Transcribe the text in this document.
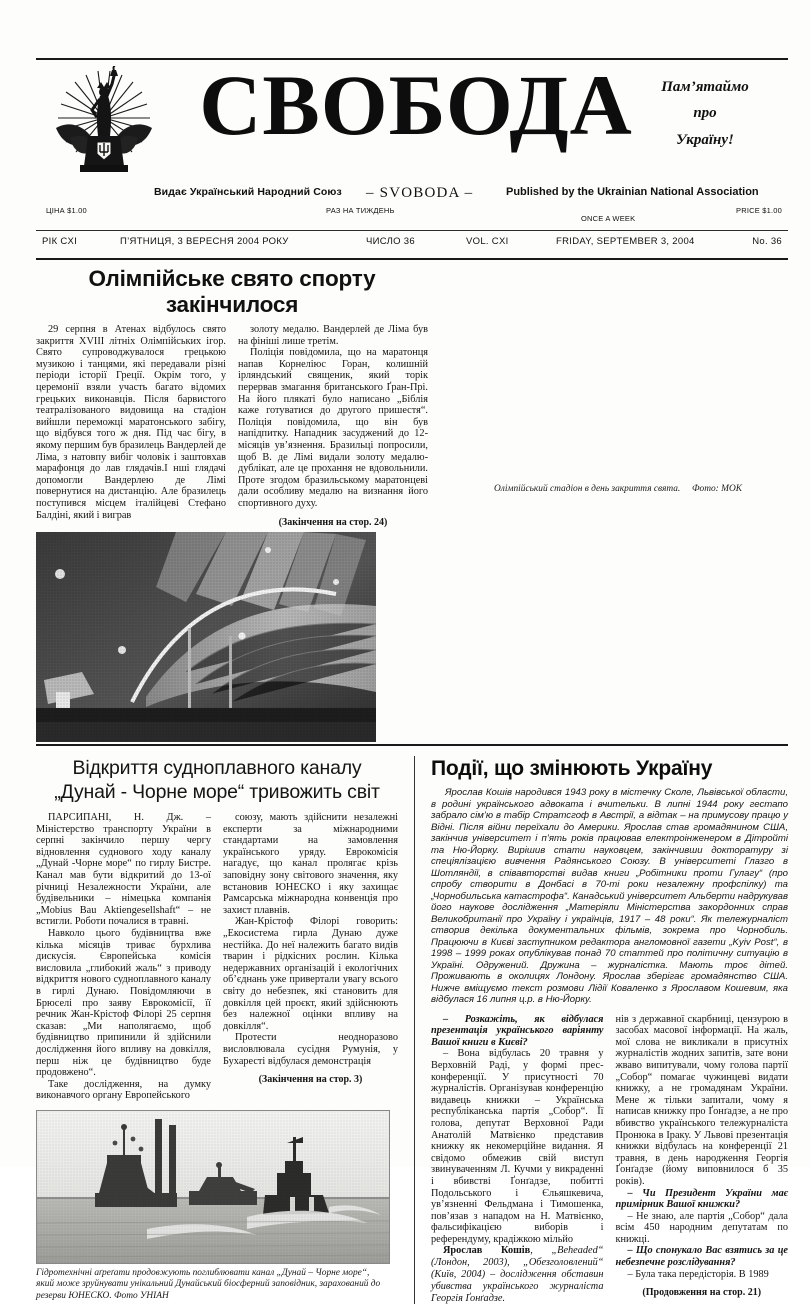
СВОБОДА	Пам’ятаймо
про
Україну!
Видає Український Народний Союз – SVOBODA –	Published by the Ukrainian National Association
ЦІНА $1.00	РАЗ НА ТИЖДЕНЬ
ONCE A WEEK
PRICE $1.00
РІК CXI	П’ЯТНИЦЯ, 3 ВЕРЕСНЯ 2004 РОКУ	ЧИСЛО 36	VOL. CXI	FRIDAY, SEPTEMBER 3, 2004	No. 36
Олімпійське свято спорту закінчилося

29 серпня в Атенах відбулось свято закриття XVIII літніх Олімпійських ігор. Свято супроводжувалося грецькою музикою і танцями, які передавали різні періоди історії Греції. Окрім того, у церемонії взяли участь багато відомих грецьких виконавців. Після барвистого театралізованого видовища на стадіон вийшли переможці маратонського забігу, що відбувся того ж дня. Під час бігу, в якому першим був бразилець Вандерлей де Ліма, з натовпу вибіг чоловік і заштовхав марафонця до лав глядачів.І нші глядачі допомогли Вандерлею де Лімі повернутися на дистанцію. Але бразилець поступився місцем італійцеві Стефано Балдіні, який і виграв

золоту медалю. Вандерлей де Ліма був на фініші лише третім.

Поліція повідомила, що на маратонця напав Корнеліюс Горан, колишній ірляндський священик, який торік перервав змагання британського Ґран-Прі. На його плякаті було написано „Біблія каже готуватися до другого пришестя“. Поліція повідомила, що він був напідпитку. Нападник засуджений до 12-місяців ув’язнення. Бразильці попросили, щоб В. де Лімі видали золоту медалю-дублікат, але це прохання не вдовольнили. Проте згодом бразильському маратонцеві дали особливу медалю на визнання його спортивного духу.

(Закінчення на стор. 24)

Олімпійський стадіон в день закриття свята. Фото: МОК
Відкриття судноплавного каналу
„Дунай - Чорне море“ тривожить світ

ПАРСИПАНІ, Н. Дж. – Міністерство транспорту України в серпні закінчило першу чергу відновлення суднового ходу каналу „Дунай -Чорне море“ по гирлу Бистре. Канал мав бути відкритий до 13-ої річниці Незалежности України, але будівельники – німецька компанія „Mobius Bau Aktiengesellshaft“ – не встигли. Роботи почалися в травні.

Навколо цього будівництва вже кілька місяців триває бурхлива дискусія. Європейська комісія висловила „глибокий жаль“ з приводу відкриття нового судноплавного каналу в гирлі Дунаю. Повідомляючи в Брюселі про заяву Еврокомісії, її речник Жан-Крістоф Філорі 25 серпня сказав: „Ми наполягаємо, щоб будівництво припинили й здійснили дослідження його впливу на довкілля, перш ніж це будівництво буде продовжено“.

Таке дослідження, на думку виконавчого органу Европейського

союзу, мають здійснити незалежні експерти за міжнародними стандартами на замовлення українського уряду. Еврокомісія нагадує, що канал пролягає крізь заповідну зону світового значення, яку встановив ЮНЕСКО і яку захищає Рамсарська міжнародна конвенція про захист плавнів.

Жан-Крістоф Філорі говорить: „Екосистема гирла Дунаю дуже нестійка. До неї належить багато видів тварин і рідкісних рослин. Кілька недержавних організацій і екологічних об’єднань уже привертали увагу всього світу до небезпек, які становить для довкілля цей проєкт, який здійснюють без належної оцінки впливу на довкілля“.

Протести неодноразово висловлювала сусідня Румунія, у Бухаресті відбулася демонстрація

(Закінчення на стор. 3)

Гідротехнічні аґреґати продовжують поглиблювати канал „Дунай – Чорне море“, який може зруйнувати унікальний Дунайський біосферний заповідник, зарахований до резерви ЮНЕСКО. Фото УНІАН
Події, що змінюють Україну

Ярослав Кошів народився 1943 року в містечку Сколе, Львівської области, в родині українського адвоката і вчительки. В липні 1944 року гестапо забрало сім’ю в табір Стратсгоф в Австрії, а відтак – на примусову працю у Відні. Після війни переїхали до Америки. Ярослав став громадянином США, закінчив університет і п’ять років працював електроінженером в Дітройті та Ню-Йорку. Вирішив стати науковцем, закінчивши докторатуру зі спеціялізацією вивчення Радянського Союзу. В університеті Глазго в Шотляндії, в співавторстві видав книги „Робітники проти Гулагу“ (про спробу створити в Донбасі в 70-ті роки незалежну профспілку) та „Чорнобильська катастрофа“. Канадський університет Альберти надрукував його наукове дослідження „Матеріяли Міністерства закордонних справ Великобританії про Україну і українців, 1917 – 48 роки“. Як тележурналіст створив декілька документальних фільмів, зокрема про Чорнобиль. Працюючи в Києві заступником редактора англомовної газети „Kyiv Post“, в 1998 – 1999 роках опублікував понад 70 статтей про політичну ситуацію в Україні. Одружений. Дружина – журналістка. Мають троє дітей. Проживають в околицях Лондону. Ярослав зберігає громадянство США. Нижче вміщуємо текст розмови Лідії Коваленко з Ярославом Кошевим, яка відбулася 16 липня ц.р. в Ню-Йорку.

– Розкажіть, як відбулася презентація українського варіянту Вашої книги в Києві?

– Вона відбулась 20 травня у Верховній Раді, у формі прес-конференції. У присутності 70 журналістів. Організував конференцію видавець книжки – Українська республіканська партія „Собор“. Її голова, депутат Верховної Ради Анатолій Матвієнко представив книжку як некомерційне видання. Я свідомо обмежив свій виступ звинуваченням Л. Кучми у викраденні і вбивстві Ґонґадзе, побитті Подольського і Єльяшкевича, ув’язненні Фельдмана і Тимошенка, пов’язав з нападом на Н. Матвієнко, фальсифікацією виборів і референдуму, крадіжкою мільйо

Ярослав Кошів, „Beheaded“ (Лондон, 2003), „Обезголовлений“ (Київ, 2004) – дослідження обставин убивства українського журналіста Георгія Ґонґадзе.

нів з державної скарбниці, цензурою в засобах масової інформації. На жаль, мої слова не викликали в присутніх журналістів жодних запитів, зате вони жваво випитували, чому голова партії „Собор“ помагає чужинцеві видати книжку, а не громадянам України. Мене ж тільки запитали, чому я написав книжку про Ґонґадзе, а не про вбивство українського тележурналіста Пронюка в Іраку. У Львові презентація книжки відбулась на конференції 21 травня, в день народження Георгія Ґонґадзе (йому виповнилося б 35 років).

– Чи Президент України має примірник Вашої книжки?

– Не знаю, але партія „Собор“ дала всім 450 народним депутатам по книжці.

– Що спонукало Вас взятись за це небезпечне розслідування?

– Була така передісторія. В 1989

(Продовження на стор. 21)
